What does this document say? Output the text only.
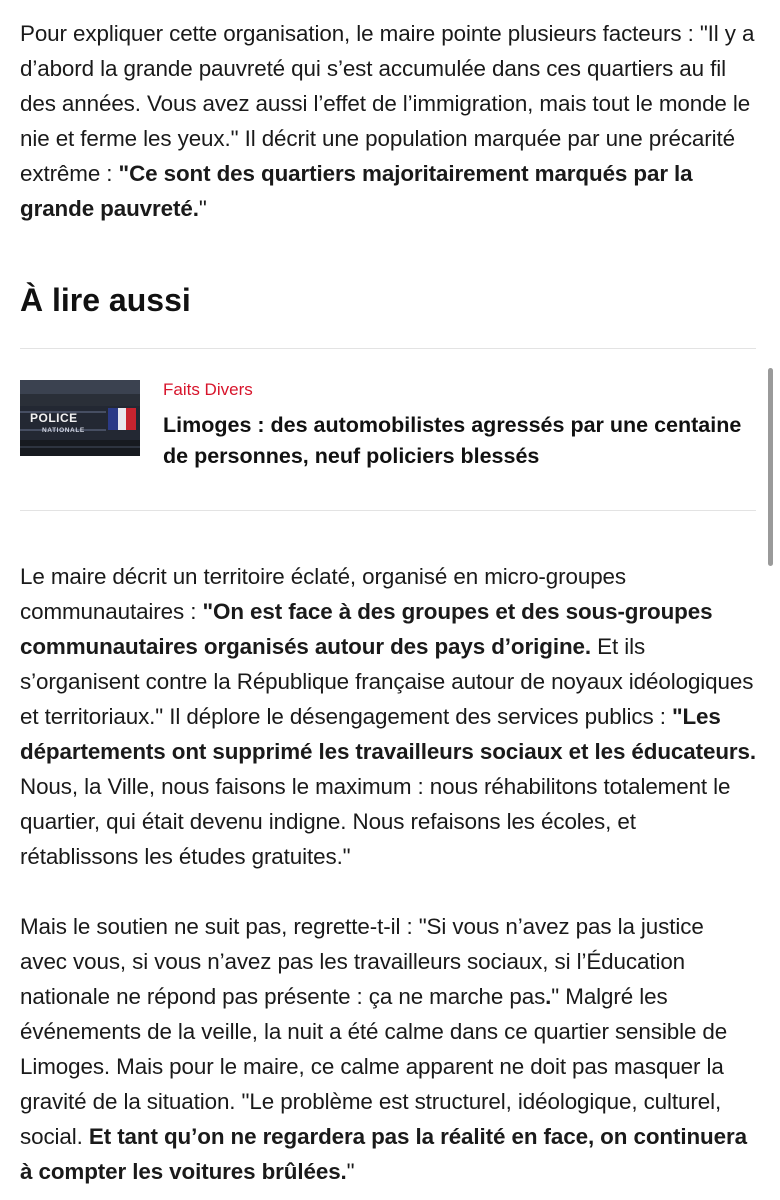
Pour expliquer cette organisation, le maire pointe plusieurs facteurs : "Il y a d’abord la grande pauvreté qui s’est accumulée dans ces quartiers au fil des années. Vous avez aussi l’effet de l’immigration, mais tout le monde le nie et ferme les yeux." Il décrit une population marquée par une précarité extrême : "Ce sont des quartiers majoritairement marqués par la grande pauvreté."

À lire aussi
POLICE
NATIONALE

Faits Divers

Limoges : des automobilistes agressés par une centaine de personnes, neuf policiers blessés

Le maire décrit un territoire éclaté, organisé en micro-groupes communautaires : "On est face à des groupes et des sous-groupes communautaires organisés autour des pays d’origine. Et ils s’organisent contre la République française autour de noyaux idéologiques et territoriaux." Il déplore le désengagement des services publics : "Les départements ont supprimé les travailleurs sociaux et les éducateurs. Nous, la Ville, nous faisons le maximum : nous réhabilitons totalement le quartier, qui était devenu indigne. Nous refaisons les écoles, et rétablissons les études gratuites."

Mais le soutien ne suit pas, regrette-t-il : "Si vous n’avez pas la justice avec vous, si vous n’avez pas les travailleurs sociaux, si l’Éducation nationale ne répond pas présente : ça ne marche pas." Malgré les événements de la veille, la nuit a été calme dans ce quartier sensible de Limoges. Mais pour le maire, ce calme apparent ne doit pas masquer la gravité de la situation. "Le problème est structurel, idéologique, culturel, social. Et tant qu’on ne regardera pas la réalité en face, on continuera à compter les voitures brûlées."
